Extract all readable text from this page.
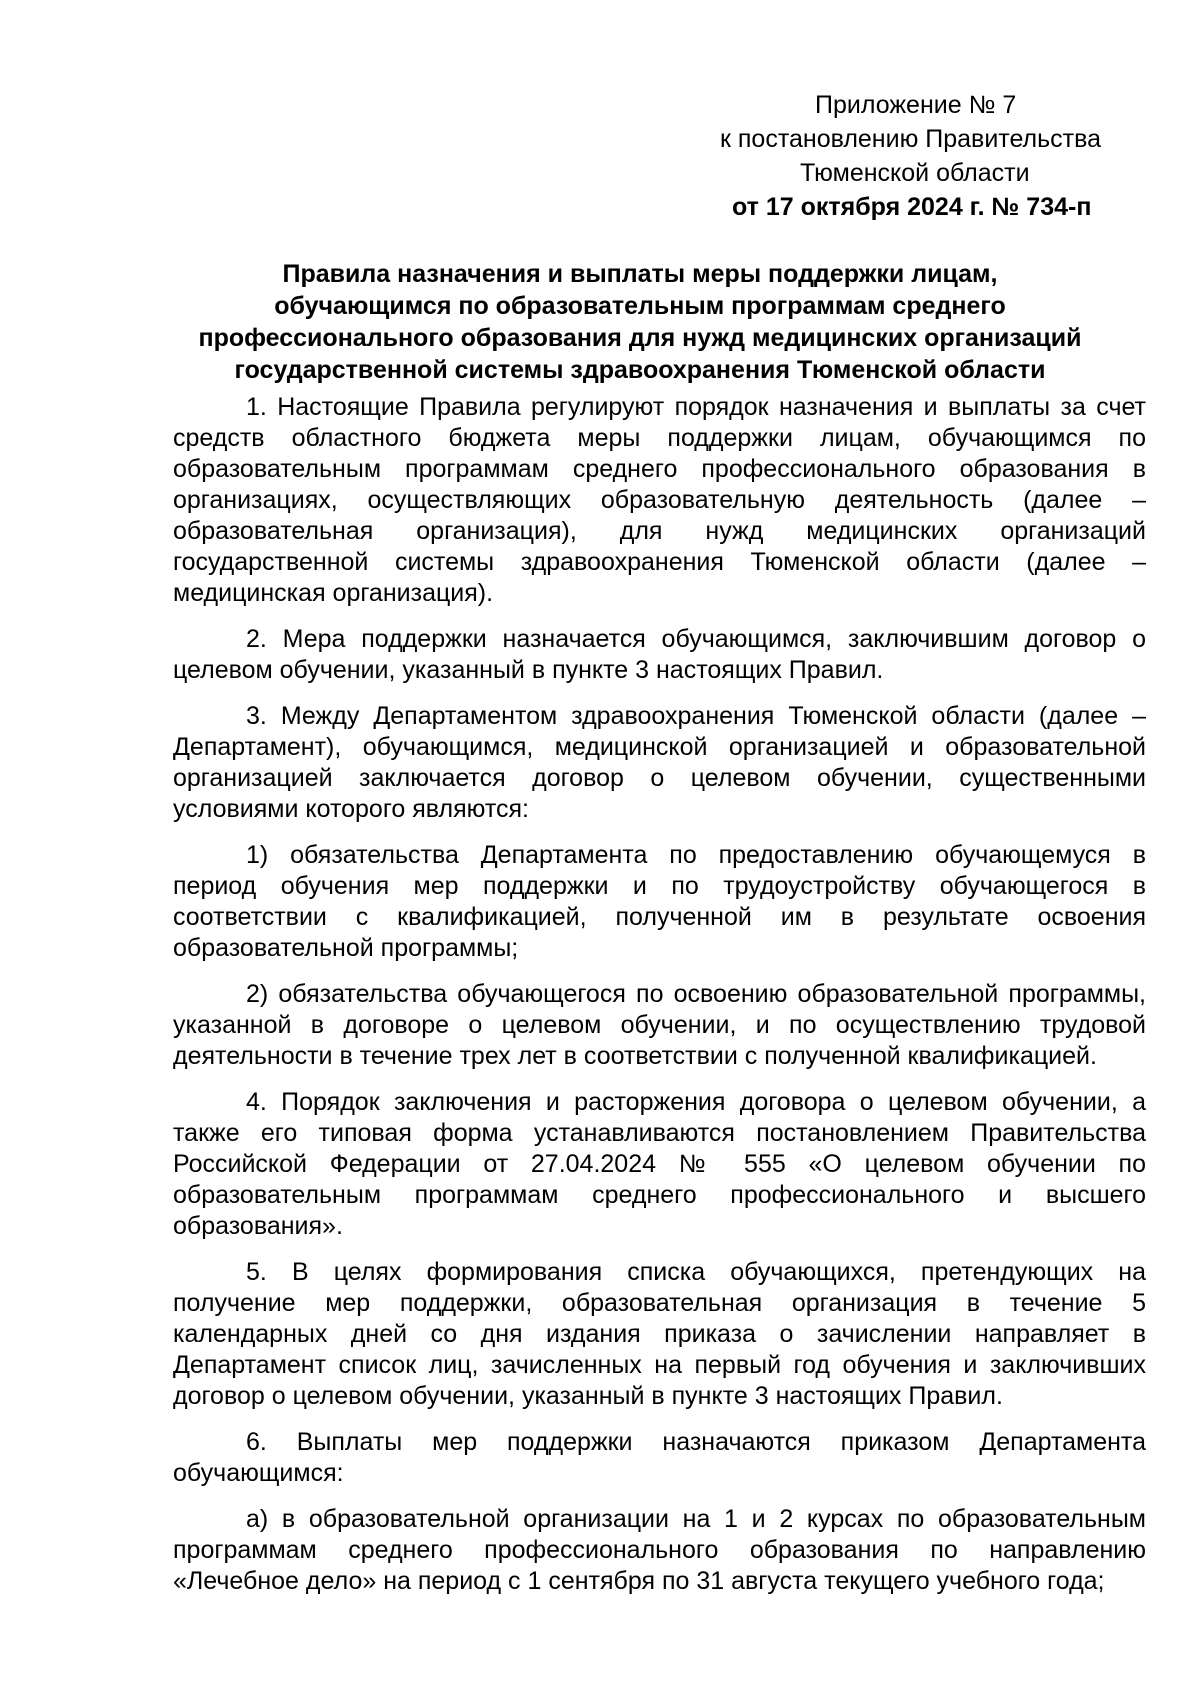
Приложение № 7
к постановлению Правительства
Тюменской области
от 17 октября 2024 г. № 734-п
Правила назначения и выплаты меры поддержки лицам,
обучающимся по образовательным программам среднего
профессионального образования для нужд медицинских организаций
государственной системы здравоохранения Тюменской области

1. Настоящие Правила регулируют порядок назначения и выплаты за счет средств областного бюджета меры поддержки лицам, обучающимся по образовательным программам среднего профессионального образования в организациях, осуществляющих образовательную деятельность (далее – образовательная организация), для нужд медицинских организаций государственной системы здравоохранения Тюменской области (далее – медицинская организация).

2. Мера поддержки назначается обучающимся, заключившим договор о целевом обучении, указанный в пункте 3 настоящих Правил.

3. Между Департаментом здравоохранения Тюменской области (далее – Департамент), обучающимся, медицинской организацией и образовательной организацией заключается договор о целевом обучении, существенными условиями которого являются:

1) обязательства Департамента по предоставлению обучающемуся в период обучения мер поддержки и по трудоустройству обучающегося в соответствии с квалификацией, полученной им в результате освоения образовательной программы;

2) обязательства обучающегося по освоению образовательной программы, указанной в договоре о целевом обучении, и по осуществлению трудовой деятельности в течение трех лет в соответствии с полученной квалификацией.

4. Порядок заключения и расторжения договора о целевом обучении, а также его типовая форма устанавливаются постановлением Правительства Российской Федерации от 27.04.2024 № 555 «О целевом обучении по образовательным программам среднего профессионального и высшего образования».

5. В целях формирования списка обучающихся, претендующих на получение мер поддержки, образовательная организация в течение 5 календарных дней со дня издания приказа о зачислении направляет в Департамент список лиц, зачисленных на первый год обучения и заключивших договор о целевом обучении, указанный в пункте 3 настоящих Правил.

6. Выплаты мер поддержки назначаются приказом Департамента обучающимся:

а) в образовательной организации на 1 и 2 курсах по образовательным программам среднего профессионального образования по направлению «Лечебное дело» на период с 1 сентября по 31 августа текущего учебного года;
